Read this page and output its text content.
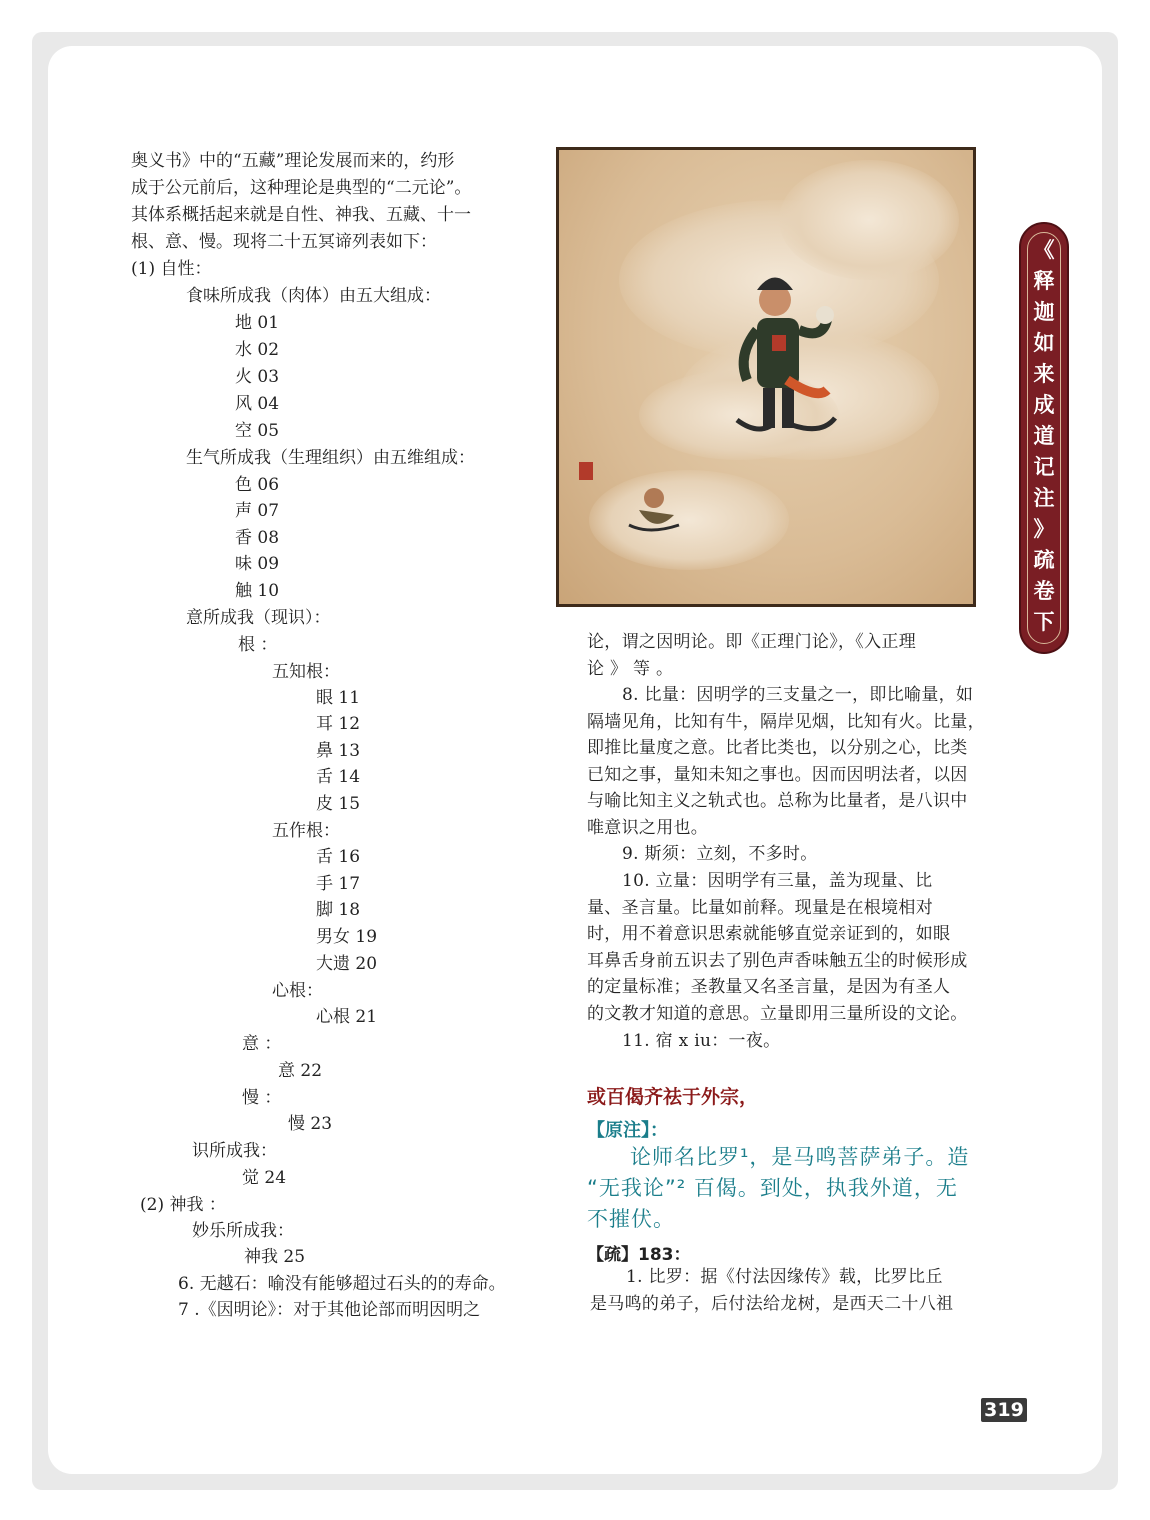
奥义书》中的“五藏”理论发展而来的，约形
成于公元前后，这种理论是典型的“二元论”。
其体系概括起来就是自性、神我、五藏、十一
根、意、慢。现将二十五冥谛列表如下：
(1) 自性：
食味所成我（肉体）由五大组成：
地 01
水 02
火 03
风 04
空 05
生气所成我（生理组织）由五维组成：
色 06
声 07
香 08
味 09
触 10
意所成我（现识）：
根 ：
五知根：
眼 11
耳 12
鼻 13
舌 14
皮 15
五作根：
舌 16
手 17
脚 18
男女 19
大遗 20
心根：
心根 21
意 ：
意 22
慢 ：
慢 23
识所成我：
觉 24
(2) 神我 ：
妙乐所成我：
神我 25
6. 无越石：喻没有能够超过石头的的寿命。
7 .《因明论》：对于其他论部而明因明之
论，谓之因明论。即《正理门论》，《入正理
论 》 等 。
8. 比量：因明学的三支量之一，即比喻量，如
隔墙见角，比知有牛，隔岸见烟，比知有火。比量，
即推比量度之意。比者比类也，以分别之心，比类
已知之事，量知未知之事也。因而因明法者，以因
与喻比知主义之轨式也。总称为比量者，是八识中
唯意识之用也。
9. 斯须：立刻，不多时。
10. 立量：因明学有三量，盖为现量、比
量、圣言量。比量如前释。现量是在根境相对
时，用不着意识思索就能够直觉亲证到的，如眼
耳鼻舌身前五识去了别色声香味触五尘的时候形成
的定量标准；圣教量又名圣言量，是因为有圣人
的文教才知道的意思。立量即用三量所设的文论。
11. 宿 x iu：一夜。
或百偈齐祛于外宗，
【原注】：
论师名比罗¹，是马鸣菩萨弟子。造
“无我论”² 百偈。到处，执我外道，无
不摧伏。
【疏】183：
1. 比罗：据《付法因缘传》载，比罗比丘
是马鸣的弟子，后付法给龙树，是西天二十八祖
《
释
迦
如
来
成
道
记
注
》
疏
卷
下
319
